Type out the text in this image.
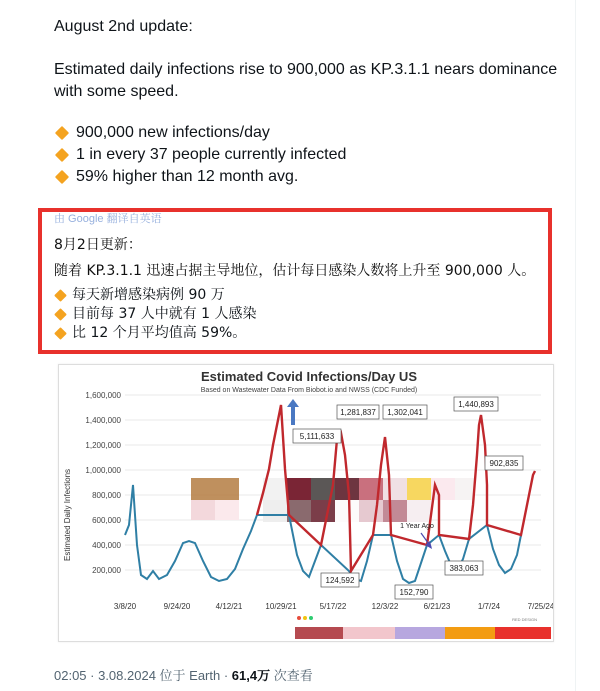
August 2nd update:
Estimated daily infections rise to 900,000 as KP.3.1.1 nears dominance
with some speed.
900,000 new infections/day
1 in every 37 people currently infected
59% higher than 12 month avg.
由 Google 翻译自英语
8月2日更新：
随着 KP.3.1.1 迅速占据主导地位，估计每日感染人数将上升至 900,000 人。
每天新增感染病例 90 万
目前每 37 人中就有 1 人感染
比 12 个月平均值高 59%。
Estimated Covid Infections/Day US
Based on Wastewater Data From Biobot.io and NWSS (CDC Funded)
Estimated Daily Infections
1,600,000
1,400,000
1,200,000
1,000,000
800,000
600,000
400,000
200,000
3/8/20	9/24/20	4/12/21	10/29/21	5/17/22	12/3/22	6/21/23	1/7/24	7/25/24
5,111,633
1,281,837 1,302,041
1,440,893
902,835
124,592
152,790
383,063
1 Year Ago
RED DESIGN
02:05 · 3.08.2024 位于 Earth · 61,4万 次查看
